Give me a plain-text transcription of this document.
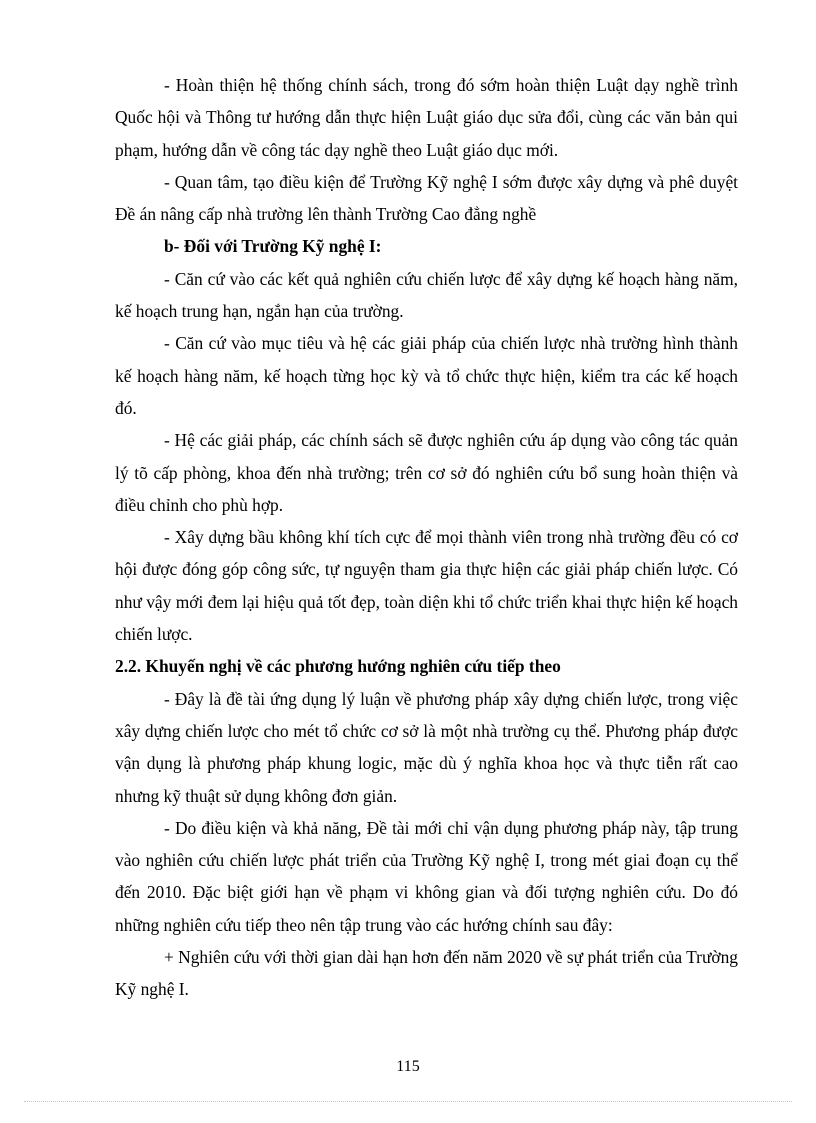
- Hoàn thiện hệ thống chính sách, trong đó sớm hoàn thiện Luật dạy nghề trình Quốc hội và Thông tư hướng dẫn thực hiện Luật giáo dục sửa đổi, cùng các văn bản qui phạm, hướng dẫn về công tác dạy nghề theo Luật giáo dục mới.

- Quan tâm, tạo điều kiện để Trường Kỹ nghệ I sớm được xây dựng và phê duyệt Đề án nâng cấp nhà trường lên thành Trường Cao đẳng nghề

b- Đối với Trường Kỹ nghệ I:

- Căn cứ vào các kết quả nghiên cứu chiến lược để xây dựng kế hoạch hàng năm, kế hoạch trung hạn, ngắn hạn của trường.

- Căn cứ vào mục tiêu và hệ các giải pháp của chiến lược nhà trường hình thành kế hoạch hàng năm, kế hoạch từng học kỳ và tổ chức thực hiện, kiểm tra các kế hoạch đó.

- Hệ các giải pháp, các chính sách sẽ được nghiên cứu áp dụng vào công tác quản lý tõ cấp phòng, khoa đến nhà trường; trên cơ sở đó nghiên cứu bổ sung hoàn thiện và điều chỉnh cho phù hợp.

- Xây dựng bầu không khí tích cực để mọi thành viên trong nhà trường đều có cơ hội được đóng góp công sức, tự nguyện tham gia thực hiện các giải pháp chiến lược. Có như vậy mới đem lại hiệu quả tốt đẹp, toàn diện khi tổ chức triển khai thực hiện kế hoạch chiến lược.

2.2. Khuyến nghị về các phương hướng nghiên cứu tiếp theo

- Đây là đề tài ứng dụng lý luận về phương pháp xây dựng chiến lược, trong việc xây dựng chiến lược cho mét tổ chức cơ sở là một nhà trường cụ thể. Phương pháp được vận dụng là phương pháp khung logic, mặc dù ý nghĩa khoa học và thực tiễn rất cao nhưng kỹ thuật sử dụng không đơn giản.

- Do điều kiện và khả năng, Đề tài mới chỉ vận dụng phương pháp này, tập trung vào nghiên cứu chiến lược phát triển của Trường Kỹ nghệ I, trong mét giai đoạn cụ thể đến 2010. Đặc biệt giới hạn về phạm vi không gian và đối tượng nghiên cứu. Do đó những nghiên cứu tiếp theo nên tập trung vào các hướng chính sau đây:

+ Nghiên cứu với thời gian dài hạn hơn đến năm 2020 về sự phát triển của Trường Kỹ nghệ I.

115
